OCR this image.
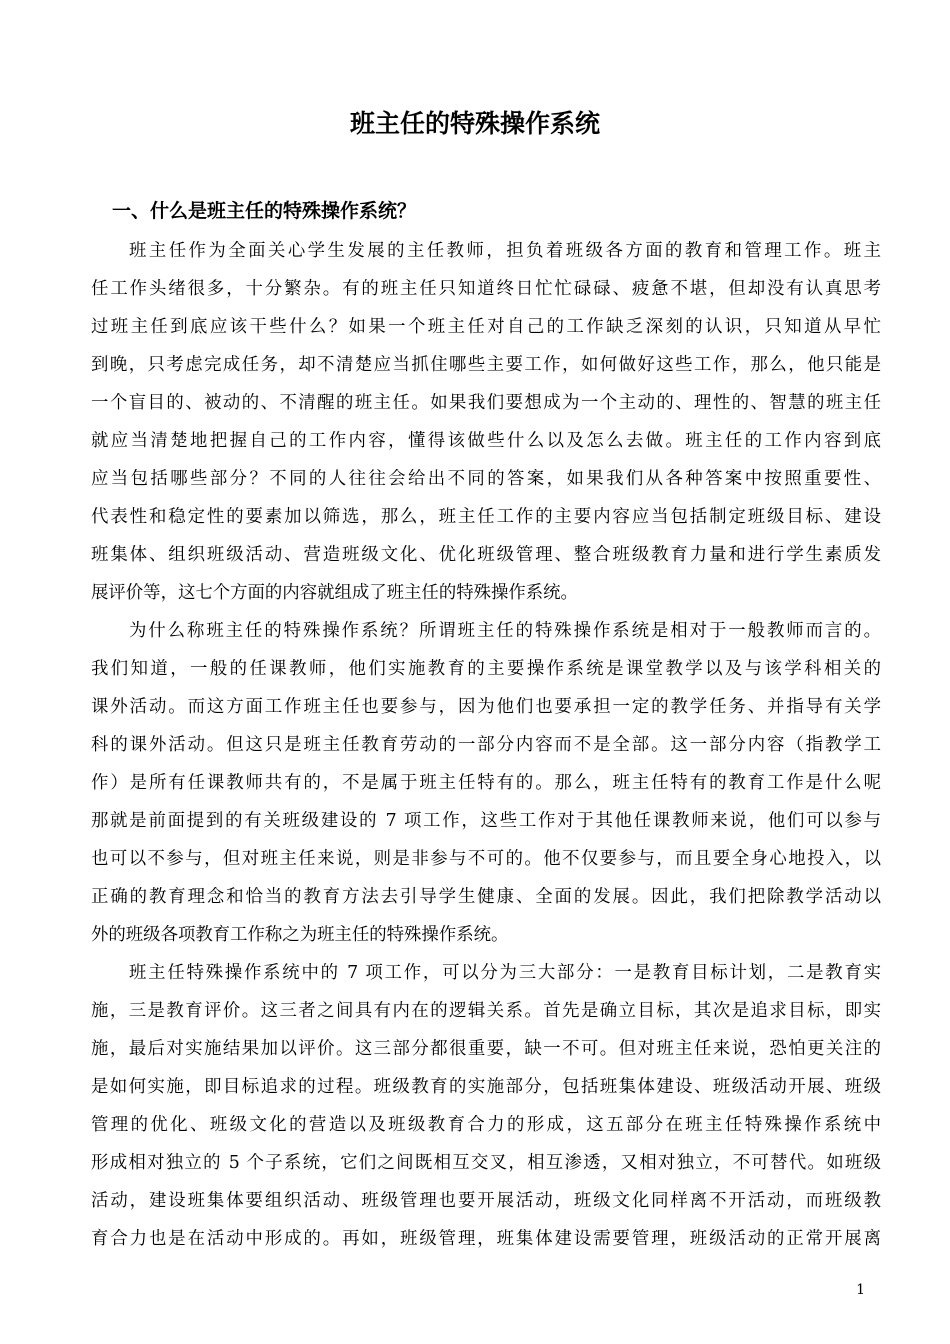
班主任的特殊操作系统
一、什么是班主任的特殊操作系统？
班主任作为全面关心学生发展的主任教师，担负着班级各方面的教育和管理工作。班主
任工作头绪很多，十分繁杂。有的班主任只知道终日忙忙碌碌、疲惫不堪，但却没有认真思考
过班主任到底应该干些什么？如果一个班主任对自己的工作缺乏深刻的认识，只知道从早忙
到晚，只考虑完成任务，却不清楚应当抓住哪些主要工作，如何做好这些工作，那么，他只能是
一个盲目的、被动的、不清醒的班主任。如果我们要想成为一个主动的、理性的、智慧的班主任
就应当清楚地把握自己的工作内容，懂得该做些什么以及怎么去做。班主任的工作内容到底
应当包括哪些部分？不同的人往往会给出不同的答案，如果我们从各种答案中按照重要性、
代表性和稳定性的要素加以筛选，那么，班主任工作的主要内容应当包括制定班级目标、建设
班集体、组织班级活动、营造班级文化、优化班级管理、整合班级教育力量和进行学生素质发
展评价等，这七个方面的内容就组成了班主任的特殊操作系统。
为什么称班主任的特殊操作系统？所谓班主任的特殊操作系统是相对于一般教师而言的。
我们知道，一般的任课教师，他们实施教育的主要操作系统是课堂教学以及与该学科相关的
课外活动。而这方面工作班主任也要参与，因为他们也要承担一定的教学任务、并指导有关学
科的课外活动。但这只是班主任教育劳动的一部分内容而不是全部。这一部分内容（指教学工
作）是所有任课教师共有的，不是属于班主任特有的。那么，班主任特有的教育工作是什么呢
那就是前面提到的有关班级建设的 7 项工作，这些工作对于其他任课教师来说，他们可以参与
也可以不参与，但对班主任来说，则是非参与不可的。他不仅要参与，而且要全身心地投入，以
正确的教育理念和恰当的教育方法去引导学生健康、全面的发展。因此，我们把除教学活动以
外的班级各项教育工作称之为班主任的特殊操作系统。
班主任特殊操作系统中的 7 项工作，可以分为三大部分：一是教育目标计划，二是教育实
施，三是教育评价。这三者之间具有内在的逻辑关系。首先是确立目标，其次是追求目标，即实
施，最后对实施结果加以评价。这三部分都很重要，缺一不可。但对班主任来说，恐怕更关注的
是如何实施，即目标追求的过程。班级教育的实施部分，包括班集体建设、班级活动开展、班级
管理的优化、班级文化的营造以及班级教育合力的形成，这五部分在班主任特殊操作系统中
形成相对独立的 5 个子系统，它们之间既相互交叉，相互渗透，又相对独立，不可替代。如班级
活动，建设班集体要组织活动、班级管理也要开展活动，班级文化同样离不开活动，而班级教
育合力也是在活动中形成的。再如，班级管理，班集体建设需要管理，班级活动的正常开展离
1
